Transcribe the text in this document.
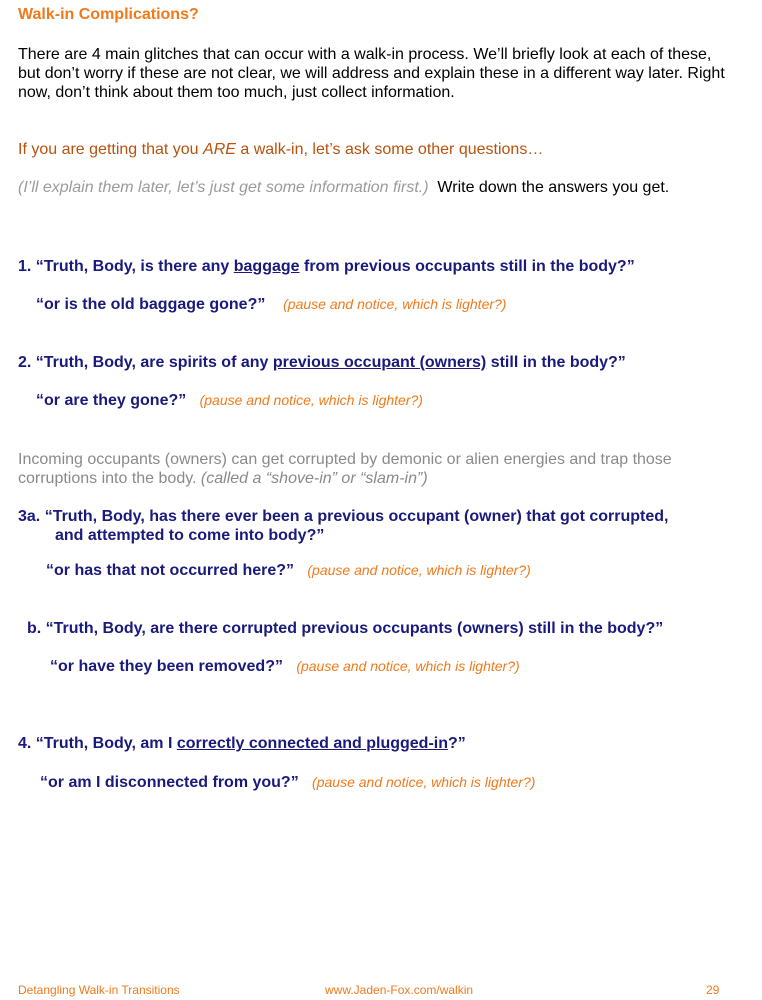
Walk-in Complications?
There are 4 main glitches that can occur with a walk-in process. We’ll briefly look at each of these, but don’t worry if these are not clear, we will address and explain these in a different way later. Right now, don’t think about them too much, just collect information.
If you are getting that you ARE a walk-in, let’s ask some other questions…
(I’ll explain them later, let’s just get some information first.) Write down the answers you get.
1. “Truth, Body, is there any baggage from previous occupants still in the body?”
“or is the old baggage gone?” (pause and notice, which is lighter?)
2. “Truth, Body, are spirits of any previous occupant (owners) still in the body?”
“or are they gone?” (pause and notice, which is lighter?)
Incoming occupants (owners) can get corrupted by demonic or alien energies and trap those corruptions into the body. (called a “shove-in” or “slam-in”)
3a. “Truth, Body, has there ever been a previous occupant (owner) that got corrupted,
and attempted to come into body?”
“or has that not occurred here?” (pause and notice, which is lighter?)
b. “Truth, Body, are there corrupted previous occupants (owners) still in the body?”
“or have they been removed?” (pause and notice, which is lighter?)
4. “Truth, Body, am I correctly connected and plugged-in?”
“or am I disconnected from you?” (pause and notice, which is lighter?)
Detangling Walk-in Transitions	www.Jaden-Fox.com/walkin	29
